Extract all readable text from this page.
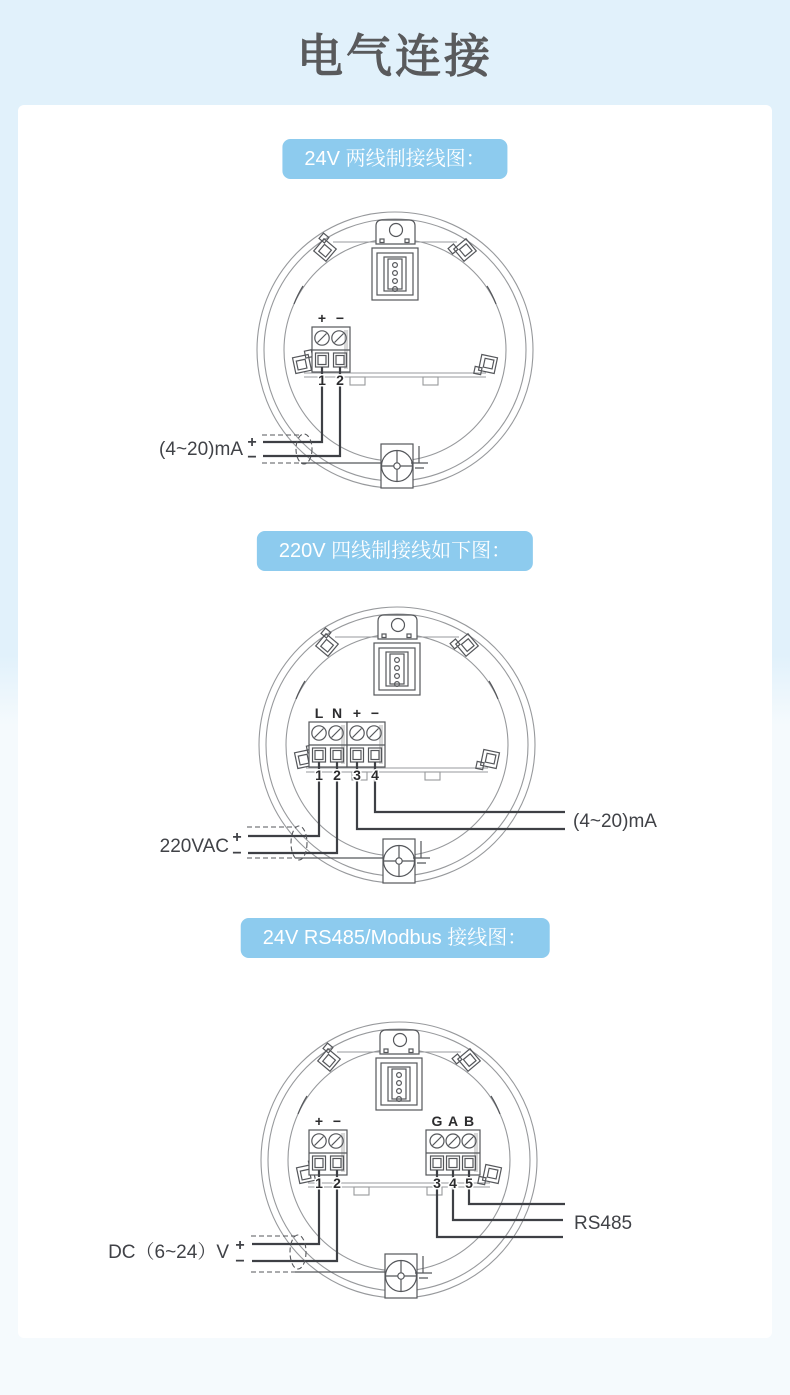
电气连接
24V 两线制接线图：
(4~20)mA +
−
+ −
1 2
220V 四线制接线如下图：
220VAC +
−
(4~20)mA
L N + −
1 2 3 4
24V RS485/Modbus 接线图：
DC（6~24）V +
−
RS485
+ −	G A B
1 2	3 4 5
